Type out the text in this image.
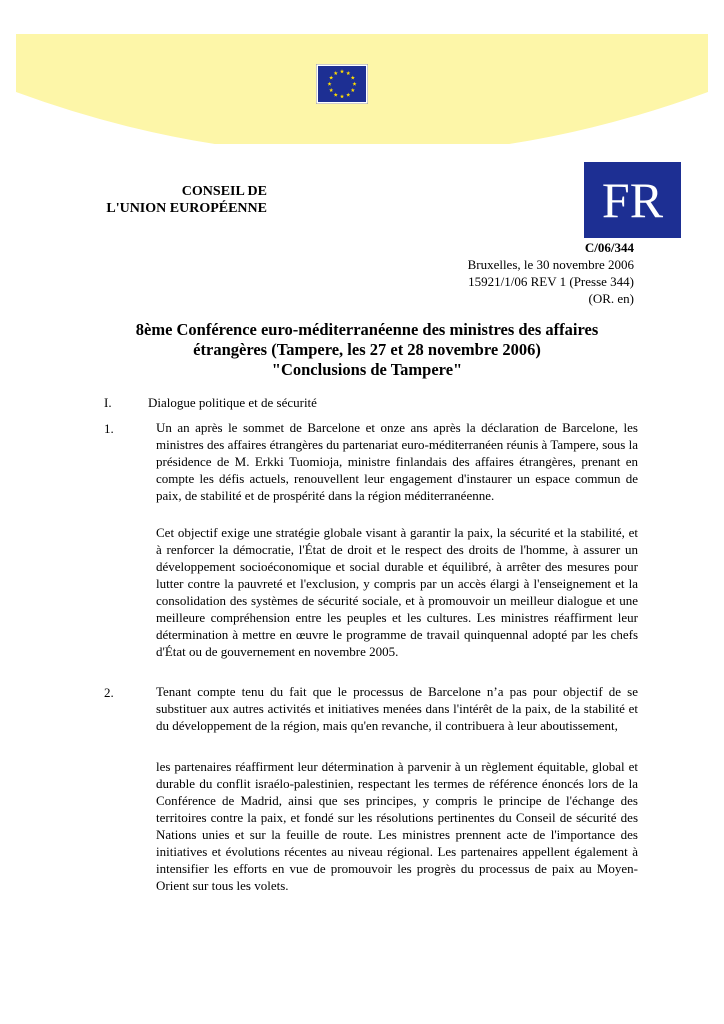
CONSEIL DE
L'UNION EUROPÉENNE	FR
C/06/344
Bruxelles, le 30 novembre 2006
15921/1/06 REV 1 (Presse 344)
(OR. en)
8ème Conférence euro-méditerranéenne des ministres des affaires
étrangères (Tampere, les 27 et 28 novembre 2006)
"Conclusions de Tampere"
I.	Dialogue politique et de sécurité
1.	Un an après le sommet de Barcelone et onze ans après la déclaration de Barcelone, les ministres des affaires étrangères du partenariat euro-méditerranéen réunis à Tampere, sous la présidence de M. Erkki Tuomioja, ministre finlandais des affaires étrangères, prenant en compte les défis actuels, renouvellent leur engagement d'instaurer un espace commun de paix, de stabilité et de prospérité dans la région méditerranéenne.

Cet objectif exige une stratégie globale visant à garantir la paix, la sécurité et la stabilité, et à renforcer la démocratie, l'État de droit et le respect des droits de l'homme, à assurer un développement socioéconomique et social durable et équilibré, à arrêter des mesures pour lutter contre la pauvreté et l'exclusion, y compris par un accès élargi à l'enseignement et la consolidation des systèmes de sécurité sociale, et à promouvoir un meilleur dialogue et une meilleure compréhension entre les peuples et les cultures. Les ministres réaffirment leur détermination à mettre en œuvre le programme de travail quinquennal adopté par les chefs d'État ou de gouvernement en novembre 2005.

2.	Tenant compte tenu du fait que le processus de Barcelone n’a pas pour objectif de se substituer aux autres activités et initiatives menées dans l'intérêt de la paix, de la stabilité et du développement de la région, mais qu'en revanche, il contribuera à leur aboutissement,

les partenaires réaffirment leur détermination à parvenir à un règlement équitable, global et durable du conflit israélo-palestinien, respectant les termes de référence énoncés lors de la Conférence de Madrid, ainsi que ses principes, y compris le principe de l'échange des territoires contre la paix, et fondé sur les résolutions pertinentes du Conseil de sécurité des Nations unies et sur la feuille de route. Les ministres prennent acte de l'importance des initiatives et évolutions récentes au niveau régional. Les partenaires appellent également à intensifier les efforts en vue de promouvoir les progrès du processus de paix au Moyen-Orient sur tous les volets.
